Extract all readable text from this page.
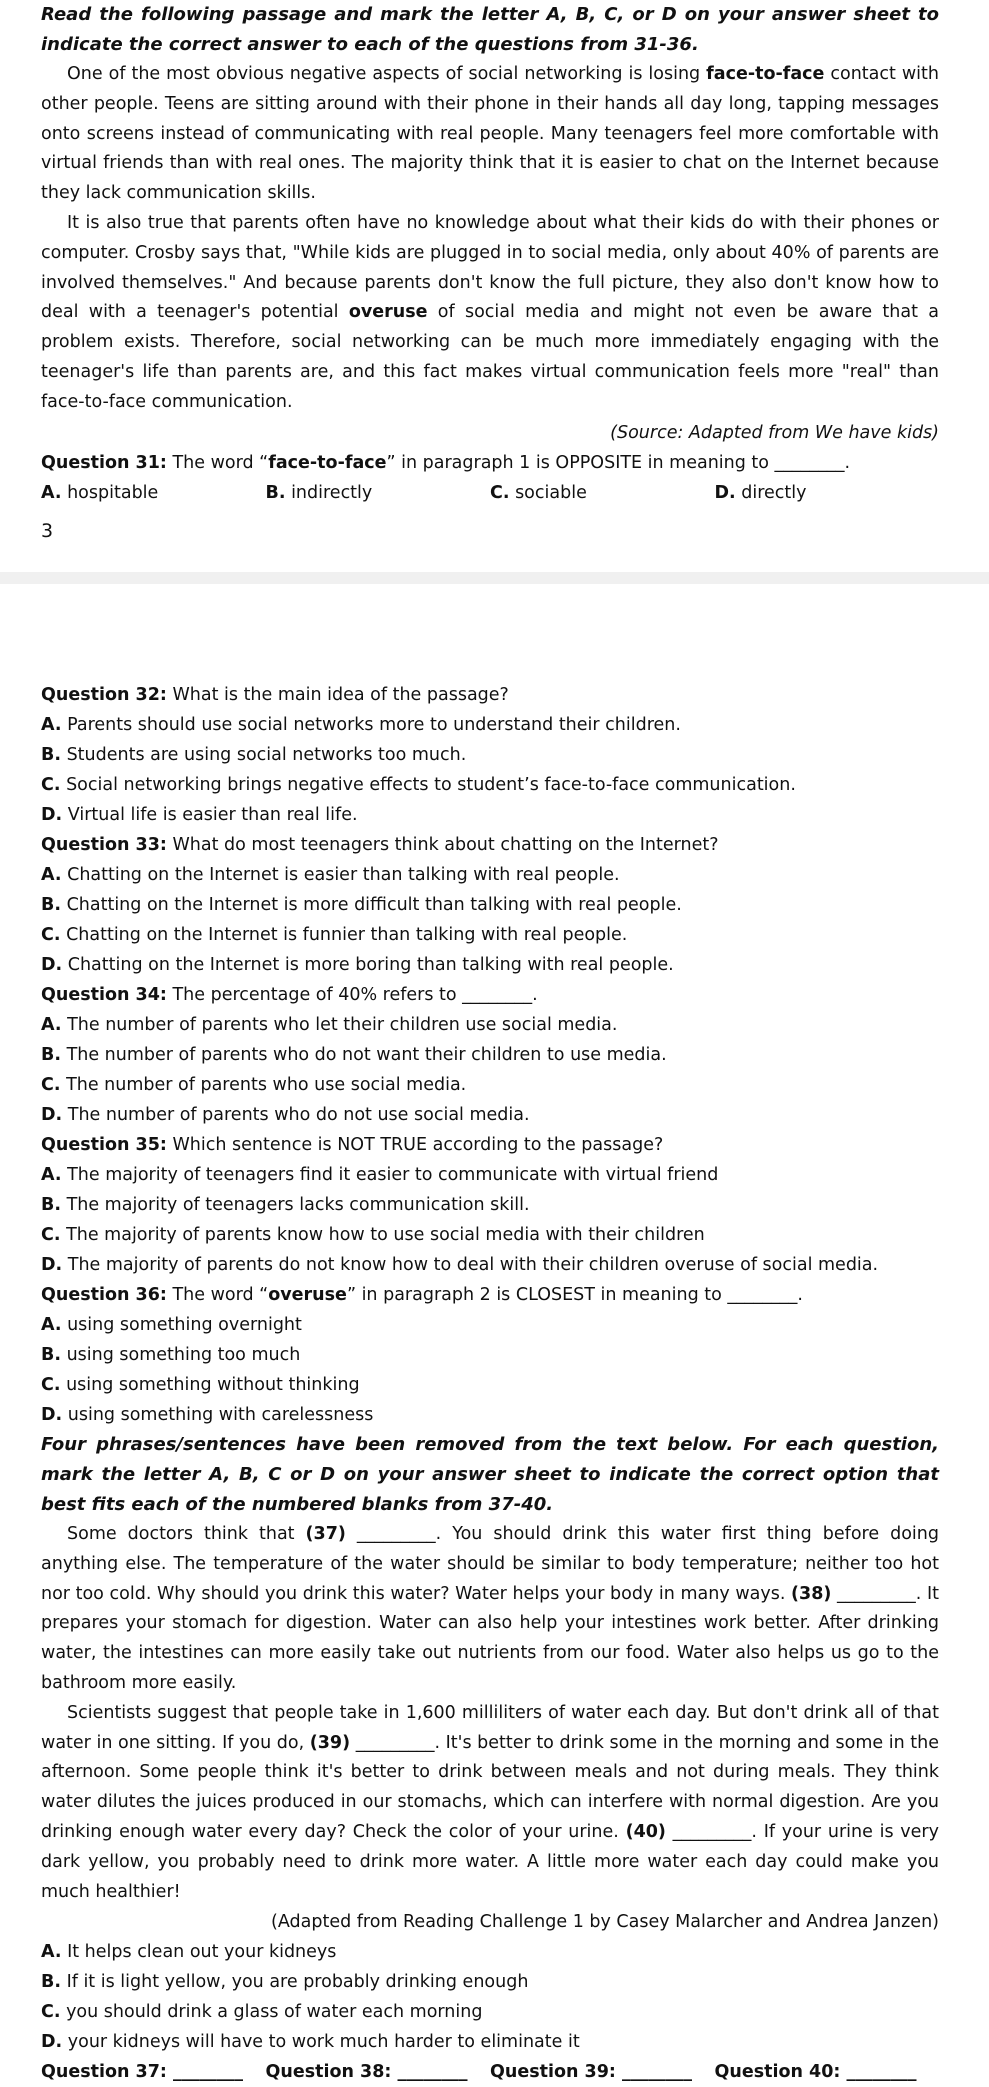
Read the following passage and mark the letter A, B, C, or D on your answer sheet to indicate the correct answer to each of the questions from 31-36.

One of the most obvious negative aspects of social networking is losing face-to-face contact with other people. Teens are sitting around with their phone in their hands all day long, tapping messages onto screens instead of communicating with real people. Many teenagers feel more comfortable with virtual friends than with real ones. The majority think that it is easier to chat on the Internet because they lack communication skills.

It is also true that parents often have no knowledge about what their kids do with their phones or computer. Crosby says that, "While kids are plugged in to social media, only about 40% of parents are involved themselves." And because parents don't know the full picture, they also don't know how to deal with a teenager's potential overuse of social media and might not even be aware that a problem exists. Therefore, social networking can be much more immediately engaging with the teenager's life than parents are, and this fact makes virtual communication feels more "real" than face-to-face communication.

(Source: Adapted from We have kids)

Question 31: The word “face-to-face” in paragraph 1 is OPPOSITE in meaning to ________.

A. hospitable	B. indirectly	C. sociable	D. directly
3

Question 32: What is the main idea of the passage?

A. Parents should use social networks more to understand their children.

B. Students are using social networks too much.

C. Social networking brings negative effects to student’s face-to-face communication.

D. Virtual life is easier than real life.

Question 33: What do most teenagers think about chatting on the Internet?

A. Chatting on the Internet is easier than talking with real people.

B. Chatting on the Internet is more difficult than talking with real people.

C. Chatting on the Internet is funnier than talking with real people.

D. Chatting on the Internet is more boring than talking with real people.

Question 34: The percentage of 40% refers to ________.

A. The number of parents who let their children use social media.

B. The number of parents who do not want their children to use media.

C. The number of parents who use social media.

D. The number of parents who do not use social media.

Question 35: Which sentence is NOT TRUE according to the passage?

A. The majority of teenagers find it easier to communicate with virtual friend

B. The majority of teenagers lacks communication skill.

C. The majority of parents know how to use social media with their children

D. The majority of parents do not know how to deal with their children overuse of social media.

Question 36: The word “overuse” in paragraph 2 is CLOSEST in meaning to ________.

A. using something overnight
B. using something too much
C. using something without thinking
D. using something with carelessness

Four phrases/sentences have been removed from the text below. For each question, mark the letter A, B, C or D on your answer sheet to indicate the correct option that best fits each of the numbered blanks from 37-40.

Some doctors think that (37) _________. You should drink this water first thing before doing anything else. The temperature of the water should be similar to body temperature; neither too hot nor too cold. Why should you drink this water? Water helps your body in many ways. (38) _________. It prepares your stomach for digestion. Water can also help your intestines work better. After drinking water, the intestines can more easily take out nutrients from our food. Water also helps us go to the bathroom more easily.

Scientists suggest that people take in 1,600 milliliters of water each day. But don't drink all of that water in one sitting. If you do, (39) _________. It's better to drink some in the morning and some in the afternoon. Some people think it's better to drink between meals and not during meals. They think water dilutes the juices produced in our stomachs, which can interfere with normal digestion. Are you drinking enough water every day? Check the color of your urine. (40) _________. If your urine is very dark yellow, you probably need to drink more water. A little more water each day could make you much healthier!

(Adapted from Reading Challenge 1 by Casey Malarcher and Andrea Janzen)

A. It helps clean out your kidneys

B. If it is light yellow, you are probably drinking enough

C. you should drink a glass of water each morning

D. your kidneys will have to work much harder to eliminate it

Question 37: ________	Question 38: ________	Question 39: ________	Question 40: ________
